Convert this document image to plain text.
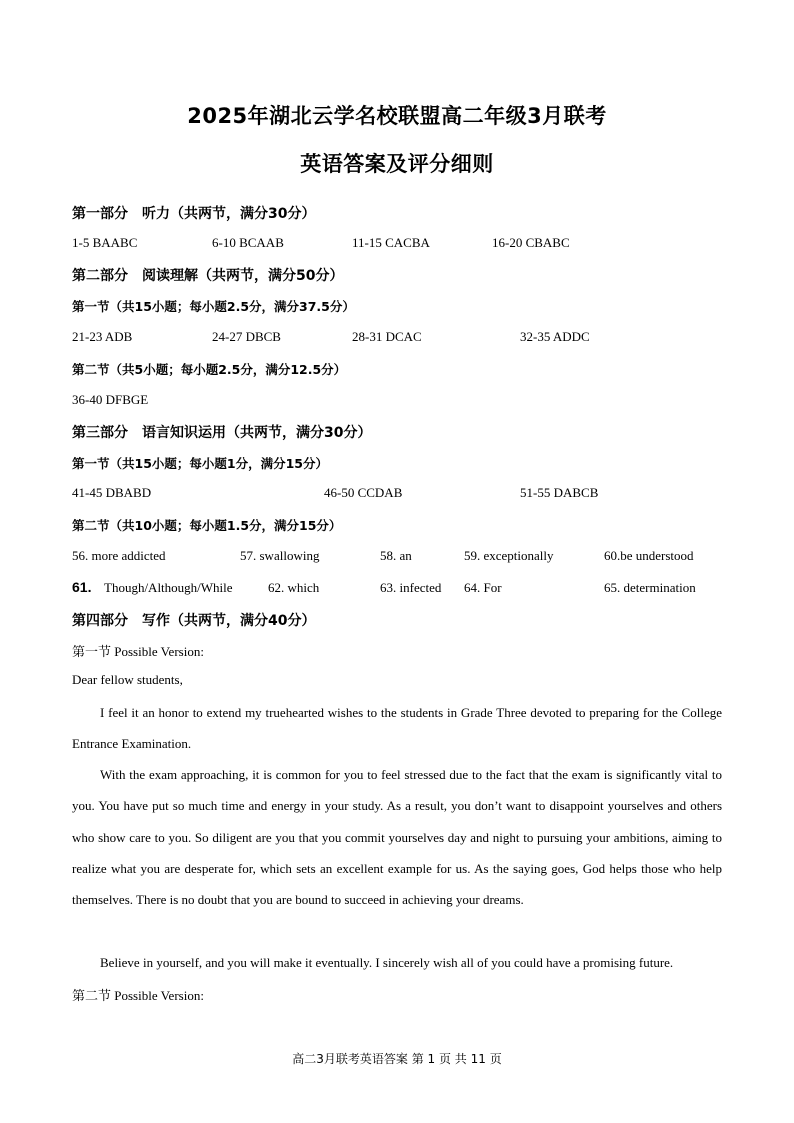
2025年湖北云学名校联盟高二年级3月联考
英语答案及评分细则
第一部分　听力（共两节，满分30分）
1-5 BAABC	6-10 BCAAB	11-15 CACBA	16-20 CBABC
第二部分　阅读理解（共两节，满分50分）
第一节（共15小题；每小题2.5分，满分37.5分）
21-23 ADB	24-27 DBCB	28-31 DCAC	32-35 ADDC
第二节（共5小题；每小题2.5分，满分12.5分）
36-40 DFBGE
第三部分　语言知识运用（共两节，满分30分）
第一节（共15小题；每小题1分，满分15分）
41-45 DBABD	46-50 CCDAB	51-55 DABCB
第二节（共10小题；每小题1.5分，满分15分）
56. more addicted	57. swallowing	58. an	59. exceptionally	60.be understood
61. Though/Although/While	62. which	63. infected 64. For	65. determination
第四部分　写作（共两节，满分40分）
第一节 Possible Version:
Dear fellow students,
I feel it an honor to extend my truehearted wishes to the students in Grade Three devoted to preparing for the College Entrance Examination.
With the exam approaching, it is common for you to feel stressed due to the fact that the exam is significantly vital to you. You have put so much time and energy in your study. As a result, you don’t want to disappoint yourselves and others who show care to you. So diligent are you that you commit yourselves day and night to pursuing your ambitions, aiming to realize what you are desperate for, which sets an excellent example for us. As the saying goes, God helps those who help themselves. There is no doubt that you are bound to succeed in achieving your dreams.
Believe in yourself, and you will make it eventually. I sincerely wish all of you could have a promising future.
第二节 Possible Version:
高二3月联考英语答案 第 1 页 共 11 页
